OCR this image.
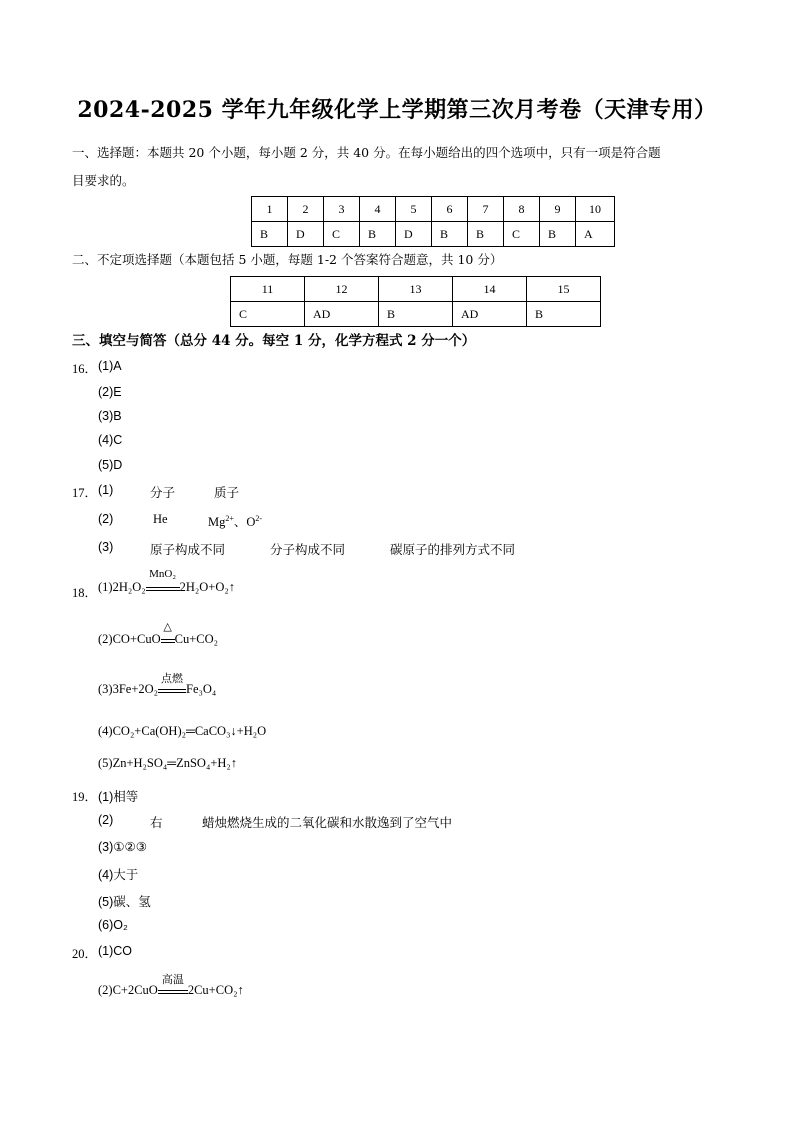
2024-2025 学年九年级化学上学期第三次月考卷（天津专用）
一、选择题：本题共 20 个小题，每小题 2 分，共 40 分。在每小题给出的四个选项中，只有一项是符合题
目要求的。
1	2	3	4	5	6	7	8	9	10
B	D	C	B	D	B	B	C	B	A
二、不定项选择题（本题包括 5 小题，每题 1-2 个答案符合题意，共 10 分）
11	12	13	14	15
C	AD	B	AD	B
三、填空与简答（总分 44 分。每空 1 分，化学方程式 2 分一个）
16． (1)A
(2)E
(3)B
(4)C
(5)D
17． (1)	分子	质子
(2)	He	$Mg^{2+}$、$O^{2-}$
(3)	原子构成不同	分子构成不同	碳原子的排列方式不同
18． (1)2H₂O₂
MnO₂
2H₂O+O₂↑
(2)CO+CuO
△
Cu+CO₂
(3)3Fe+2O₂
点燃
Fe₃O₄
(4)CO₂+Ca(OH)₂═CaCO₃↓+H₂O
(5)Zn+H₂SO₄═ZnSO₄+H₂↑
19． (1)相等
(2)	右	蜡烛燃烧生成的二氧化碳和水散逸到了空气中
(3)①②③
(4)大于
(5)碳、氢
(6)O₂
20． (1)CO
(2)C+2CuO
高温
2Cu+CO₂↑
